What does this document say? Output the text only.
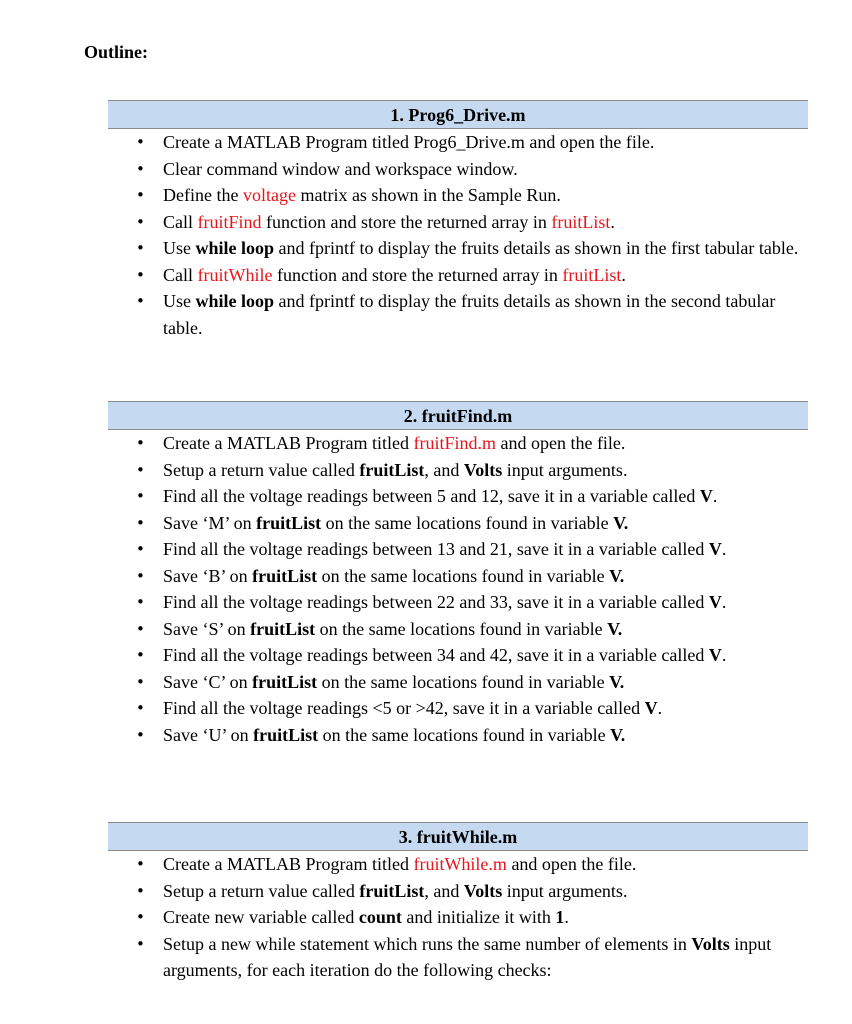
Outline:
1. Prog6_Drive.m
• Create a MATLAB Program titled Prog6_Drive.m and open the file.
• Clear command window and workspace window.
• Define the voltage matrix as shown in the Sample Run.
• Call fruitFind function and store the returned array in fruitList.
• Use while loop and fprintf to display the fruits details as shown in the first tabular table.
• Call fruitWhile function and store the returned array in fruitList.
• Use while loop and fprintf to display the fruits details as shown in the second tabular table.
2. fruitFind.m
• Create a MATLAB Program titled fruitFind.m and open the file.
• Setup a return value called fruitList, and Volts input arguments.
• Find all the voltage readings between 5 and 12, save it in a variable called V.
• Save ‘M’ on fruitList on the same locations found in variable V.
• Find all the voltage readings between 13 and 21, save it in a variable called V.
• Save ‘B’ on fruitList on the same locations found in variable V.
• Find all the voltage readings between 22 and 33, save it in a variable called V.
• Save ‘S’ on fruitList on the same locations found in variable V.
• Find all the voltage readings between 34 and 42, save it in a variable called V.
• Save ‘C’ on fruitList on the same locations found in variable V.
• Find all the voltage readings <5 or >42, save it in a variable called V.
• Save ‘U’ on fruitList on the same locations found in variable V.
3. fruitWhile.m
• Create a MATLAB Program titled fruitWhile.m and open the file.
• Setup a return value called fruitList, and Volts input arguments.
• Create new variable called count and initialize it with 1.
• Setup a new while statement which runs the same number of elements in Volts input arguments, for each iteration do the following checks:
